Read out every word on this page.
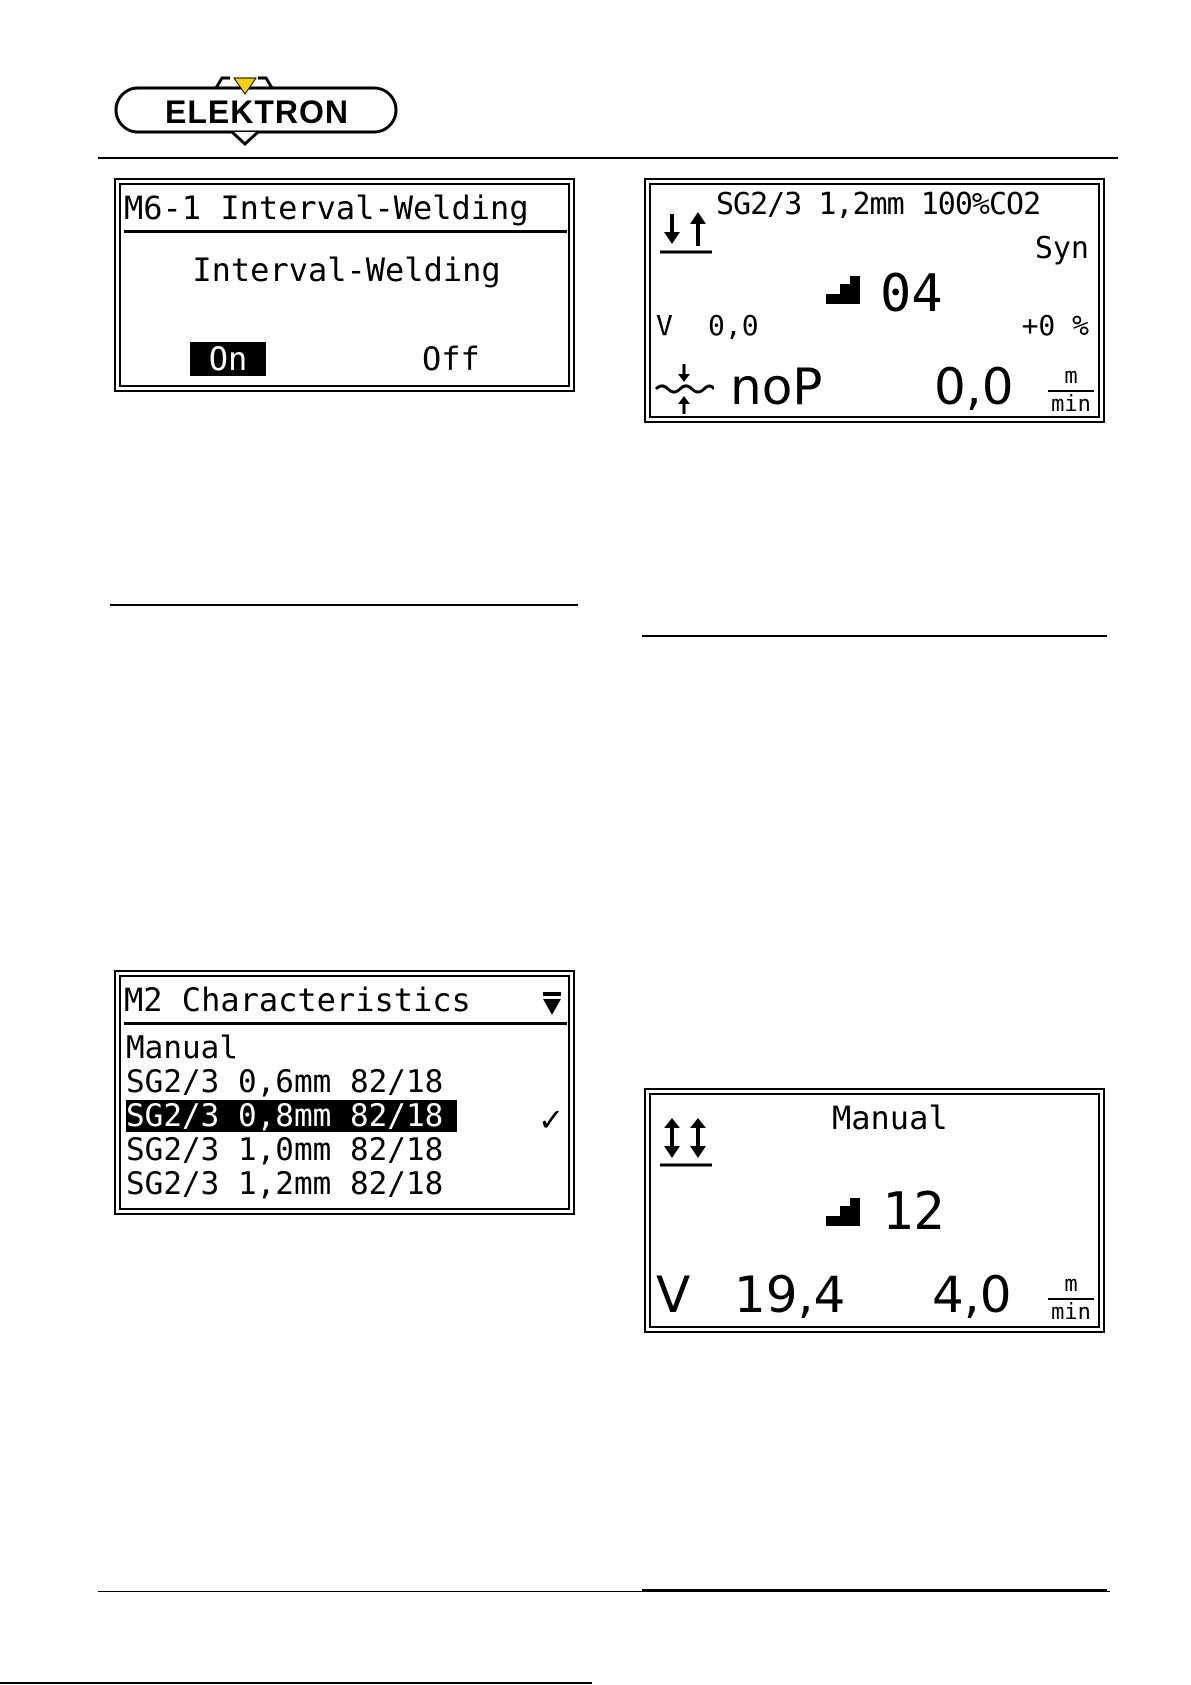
ELEKTRON
M6-1 Interval-Welding
Interval-Welding
On	Off
SG2/3 1,2mm 100%CO2
Syn
04
V 0,0	+0 %
noP 0,0	m
min
M2 Characteristics
Manual
SG2/3 0,6mm 82/18
SG2/3 0,8mm 82/18
SG2/3 1,0mm 82/18
SG2/3 1,2mm 82/18
✓	Manual
12
V 19,4 4,0	m
min
